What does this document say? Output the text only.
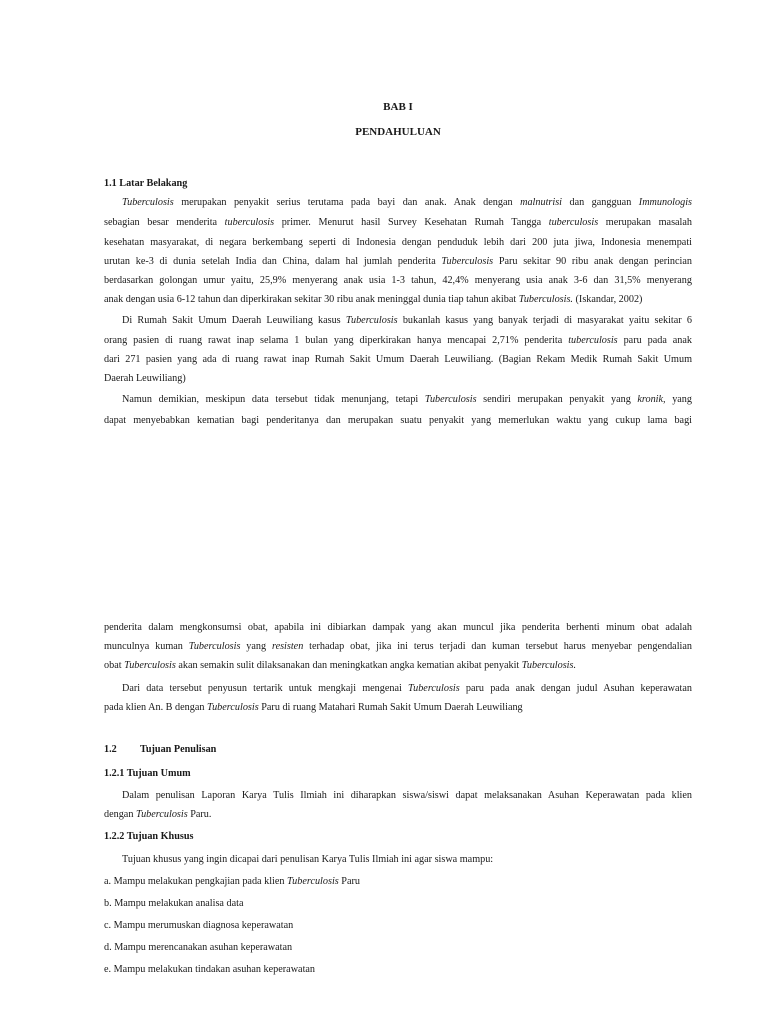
BAB I
PENDAHULUAN
1.1 Latar Belakang
Tuberculosis merupakan penyakit serius terutama pada bayi dan anak. Anak dengan malnutrisi dan gangguan Immunologis
sebagian besar menderita tuberculosis primer. Menurut hasil Survey Kesehatan Rumah Tangga tuberculosis merupakan masalah
kesehatan masyarakat, di negara berkembang seperti di Indonesia dengan penduduk lebih dari 200 juta jiwa, Indonesia menempati
urutan ke-3 di dunia setelah India dan China, dalam hal jumlah penderita Tuberculosis Paru sekitar 90 ribu anak dengan perincian
berdasarkan golongan umur yaitu, 25,9% menyerang anak usia 1-3 tahun, 42,4% menyerang usia anak 3-6 dan 31,5% menyerang
anak dengan usia 6-12 tahun dan diperkirakan sekitar 30 ribu anak meninggal dunia tiap tahun akibat Tuberculosis. (Iskandar, 2002)
Di Rumah Sakit Umum Daerah Leuwiliang kasus Tuberculosis bukanlah kasus yang banyak terjadi di masyarakat yaitu sekitar 6
orang pasien di ruang rawat inap selama 1 bulan yang diperkirakan hanya mencapai 2,71% penderita tuberculosis paru pada anak
dari 271 pasien yang ada di ruang rawat inap Rumah Sakit Umum Daerah Leuwiliang. (Bagian Rekam Medik Rumah Sakit Umum
Daerah Leuwiliang)
Namun demikian, meskipun data tersebut tidak menunjang, tetapi Tuberculosis sendiri merupakan penyakit yang kronik, yang
dapat menyebabkan kematian bagi penderitanya dan merupakan suatu penyakit yang memerlukan waktu yang cukup lama bagi
penderita dalam mengkonsumsi obat, apabila ini dibiarkan dampak yang akan muncul jika penderita berhenti minum obat adalah
munculnya kuman Tuberculosis yang resisten terhadap obat, jika ini terus terjadi dan kuman tersebut harus menyebar pengendalian
obat Tuberculosis akan semakin sulit dilaksanakan dan meningkatkan angka kematian akibat penyakit Tuberculosis.
Dari data tersebut penyusun tertarik untuk mengkaji mengenai Tuberculosis paru pada anak dengan judul Asuhan keperawatan
pada klien An. B dengan Tuberculosis Paru di ruang Matahari Rumah Sakit Umum Daerah Leuwiliang
1.2 Tujuan Penulisan
1.2.1 Tujuan Umum
Dalam penulisan Laporan Karya Tulis Ilmiah ini diharapkan siswa/siswi dapat melaksanakan Asuhan Keperawatan pada klien
dengan Tuberculosis Paru.
1.2.2 Tujuan Khusus
Tujuan khusus yang ingin dicapai dari penulisan Karya Tulis Ilmiah ini agar siswa mampu:
a. Mampu melakukan pengkajian pada klien Tuberculosis Paru
b. Mampu melakukan analisa data
c. Mampu merumuskan diagnosa keperawatan
d. Mampu merencanakan asuhan keperawatan
e. Mampu melakukan tindakan asuhan keperawatan
